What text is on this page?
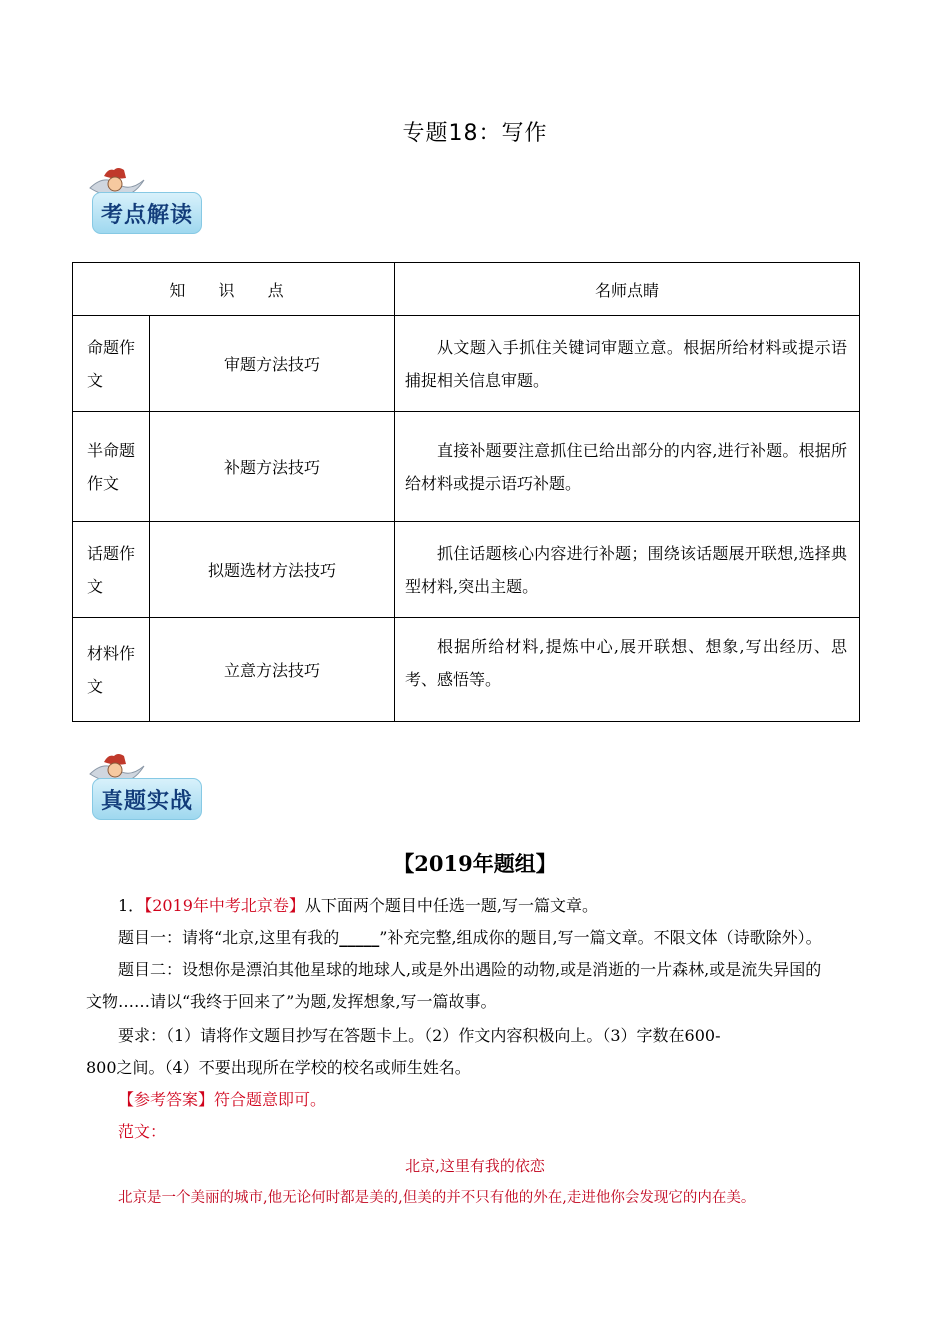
专题18：写作
考点解读
知 识 点		名师点睛
命题作文	审题方法技巧	从文题入手抓住关键词审题立意。根据所给材料或提示语捕捉相关信息审题。
半命题作文	补题方法技巧	直接补题要注意抓住已给出部分的内容,进行补题。根据所给材料或提示语巧补题。
话题作文	拟题选材方法技巧	抓住话题核心内容进行补题；围绕该话题展开联想,选择典型材料,突出主题。
材料作文	立意方法技巧	根据所给材料,提炼中心,展开联想、想象,写出经历、思考、感悟等。
真题实战
【2019年题组】
1．【2019年中考北京卷】从下面两个题目中任选一题,写一篇文章。
题目一：请将“北京,这里有我的_____”补充完整,组成你的题目,写一篇文章。不限文体（诗歌除外）。
题目二：设想你是漂泊其他星球的地球人,或是外出遇险的动物,或是消逝的一片森林,或是流失异国的
文物……请以“我终于回来了”为题,发挥想象,写一篇故事。
要求：（1）请将作文题目抄写在答题卡上。（2）作文内容积极向上。（3）字数在600-
800之间。（4）不要出现所在学校的校名或师生姓名。
【参考答案】符合题意即可。
范文：
北京,这里有我的依恋
北京是一个美丽的城市,他无论何时都是美的,但美的并不只有他的外在,走进他你会发现它的内在美。
